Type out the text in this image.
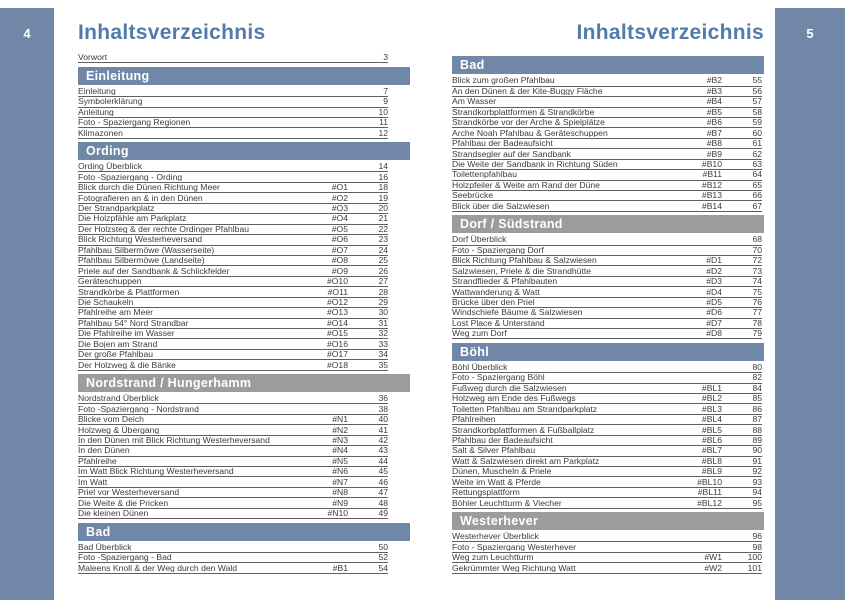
4	5
Inhaltsverzeichnis
Vorwort	3
Einleitung
Einleitung	7
Symbolerklärung	9
Anleitung	10
Foto - Spaziergang Regionen	11
Klimazonen	12
Ording
Ording Überblick	14
Foto -Spaziergang - Ording	16
Blick durch die Dünen Richtung Meer	#O1	18
Fotografieren an & in den Dünen	#O2	19
Der Strandparkplatz	#O3	20
Die Holzpfähle am Parkplatz	#O4	21
Der Holzsteg & der rechte Ordinger Pfahlbau	#O5	22
Blick Richtung Westerheversand	#O6	23
Pfahlbau Silbermöwe (Wasserseite)	#O7	24
Pfahlbau Silbermöwe (Landseite)	#O8	25
Priele auf der Sandbank & Schlickfelder	#O9	26
Geräteschuppen	#O10	27
Strandkörbe & Plattformen	#O11	28
Die Schaukeln	#O12	29
Pfahlreihe am Meer	#O13	30
Pfahlbau 54° Nord Strandbar	#O14	31
Die Pfahlreihe im Wasser	#O15	32
Die Bojen am Strand	#O16	33
Der große Pfahlbau	#O17	34
Der Holzweg & die Bänke	#O18	35
Nordstrand / Hungerhamm
Nordstrand Überblick	36
Foto -Spaziergang - Nordstrand	38
Blicke vom Deich	#N1	40
Holzweg & Übergang	#N2	41
In den Dünen mit Blick Richtung Westerheversand	#N3	42
In den Dünen	#N4	43
Pfahlreihe	#N5	44
Im Watt Blick Richtung Westerheversand	#N6	45
Im Watt	#N7	46
Priel vor Westerheversand	#N8	47
Die Weite & die Pricken	#N9	48
Die kleinen Dünen	#N10	49
Bad
Bad Überblick	50
Foto -Spaziergang - Bad	52
Maleens Knoll & der Weg durch den Wald	#B1	54
Inhaltsverzeichnis
Bad
Blick zum großen Pfahlbau	#B2	55
An den Dünen & der Kite-Buggy Fläche	#B3	56
Am Wasser	#B4	57
Strandkorbplattformen & Strandkörbe	#B5	58
Strandkörbe vor der Arche & Spielplätze	#B6	59
Arche Noah Pfahlbau & Geräteschuppen	#B7	60
Pfahlbau der Badeaufsicht	#B8	61
Strandsegler auf der Sandbank	#B9	62
Die Weite der Sandbank in Richtung Süden	#B10	63
Toilettenpfahlbau	#B11	64
Holzpfeiler & Weite am Rand der Düne	#B12	65
Seebrücke	#B13	66
Blick über die Salzwiesen	#B14	67
Dorf / Südstrand
Dorf Überblick	68
Foto - Spaziergang Dorf	70
Blick Richtung Pfahlbau & Salzwiesen	#D1	72
Salzwiesen, Priele & die Strandhütte	#D2	73
Strandflieder & Pfahlbauten	#D3	74
Wattwanderung & Watt	#D4	75
Brücke über den Priel	#D5	76
Windschiefe Bäume & Salzwiesen	#D6	77
Lost Place & Unterstand	#D7	78
Weg zum Dorf	#D8	79
Böhl
Böhl Überblick	80
Foto - Spaziergang Böhl	82
Fußweg durch die Salzwiesen	#BL1	84
Holzweg am Ende des Fußwegs	#BL2	85
Toiletten Pfahlbau am Strandparkplatz	#BL3	86
Pfahlreihen	#BL4	87
Strandkorbplattformen & Fußballplatz	#BL5	88
Pfahlbau der Badeaufsicht	#BL6	89
Salt & Silver Pfahlbau	#BL7	90
Watt & Salzwiesen direkt am Parkplatz	#BL8	91
Dünen, Muscheln & Priele	#BL9	92
Weite im Watt & Pferde	#BL10	93
Rettungsplattform	#BL11	94
Böhler Leuchtturm & Viecher	#BL12	95
Westerhever
Westerhever Überblick	96
Foto - Spaziergang Westerhever	98
Weg zum Leuchtturm	#W1	100
Gekrümmter Weg Richtung Watt	#W2	101
